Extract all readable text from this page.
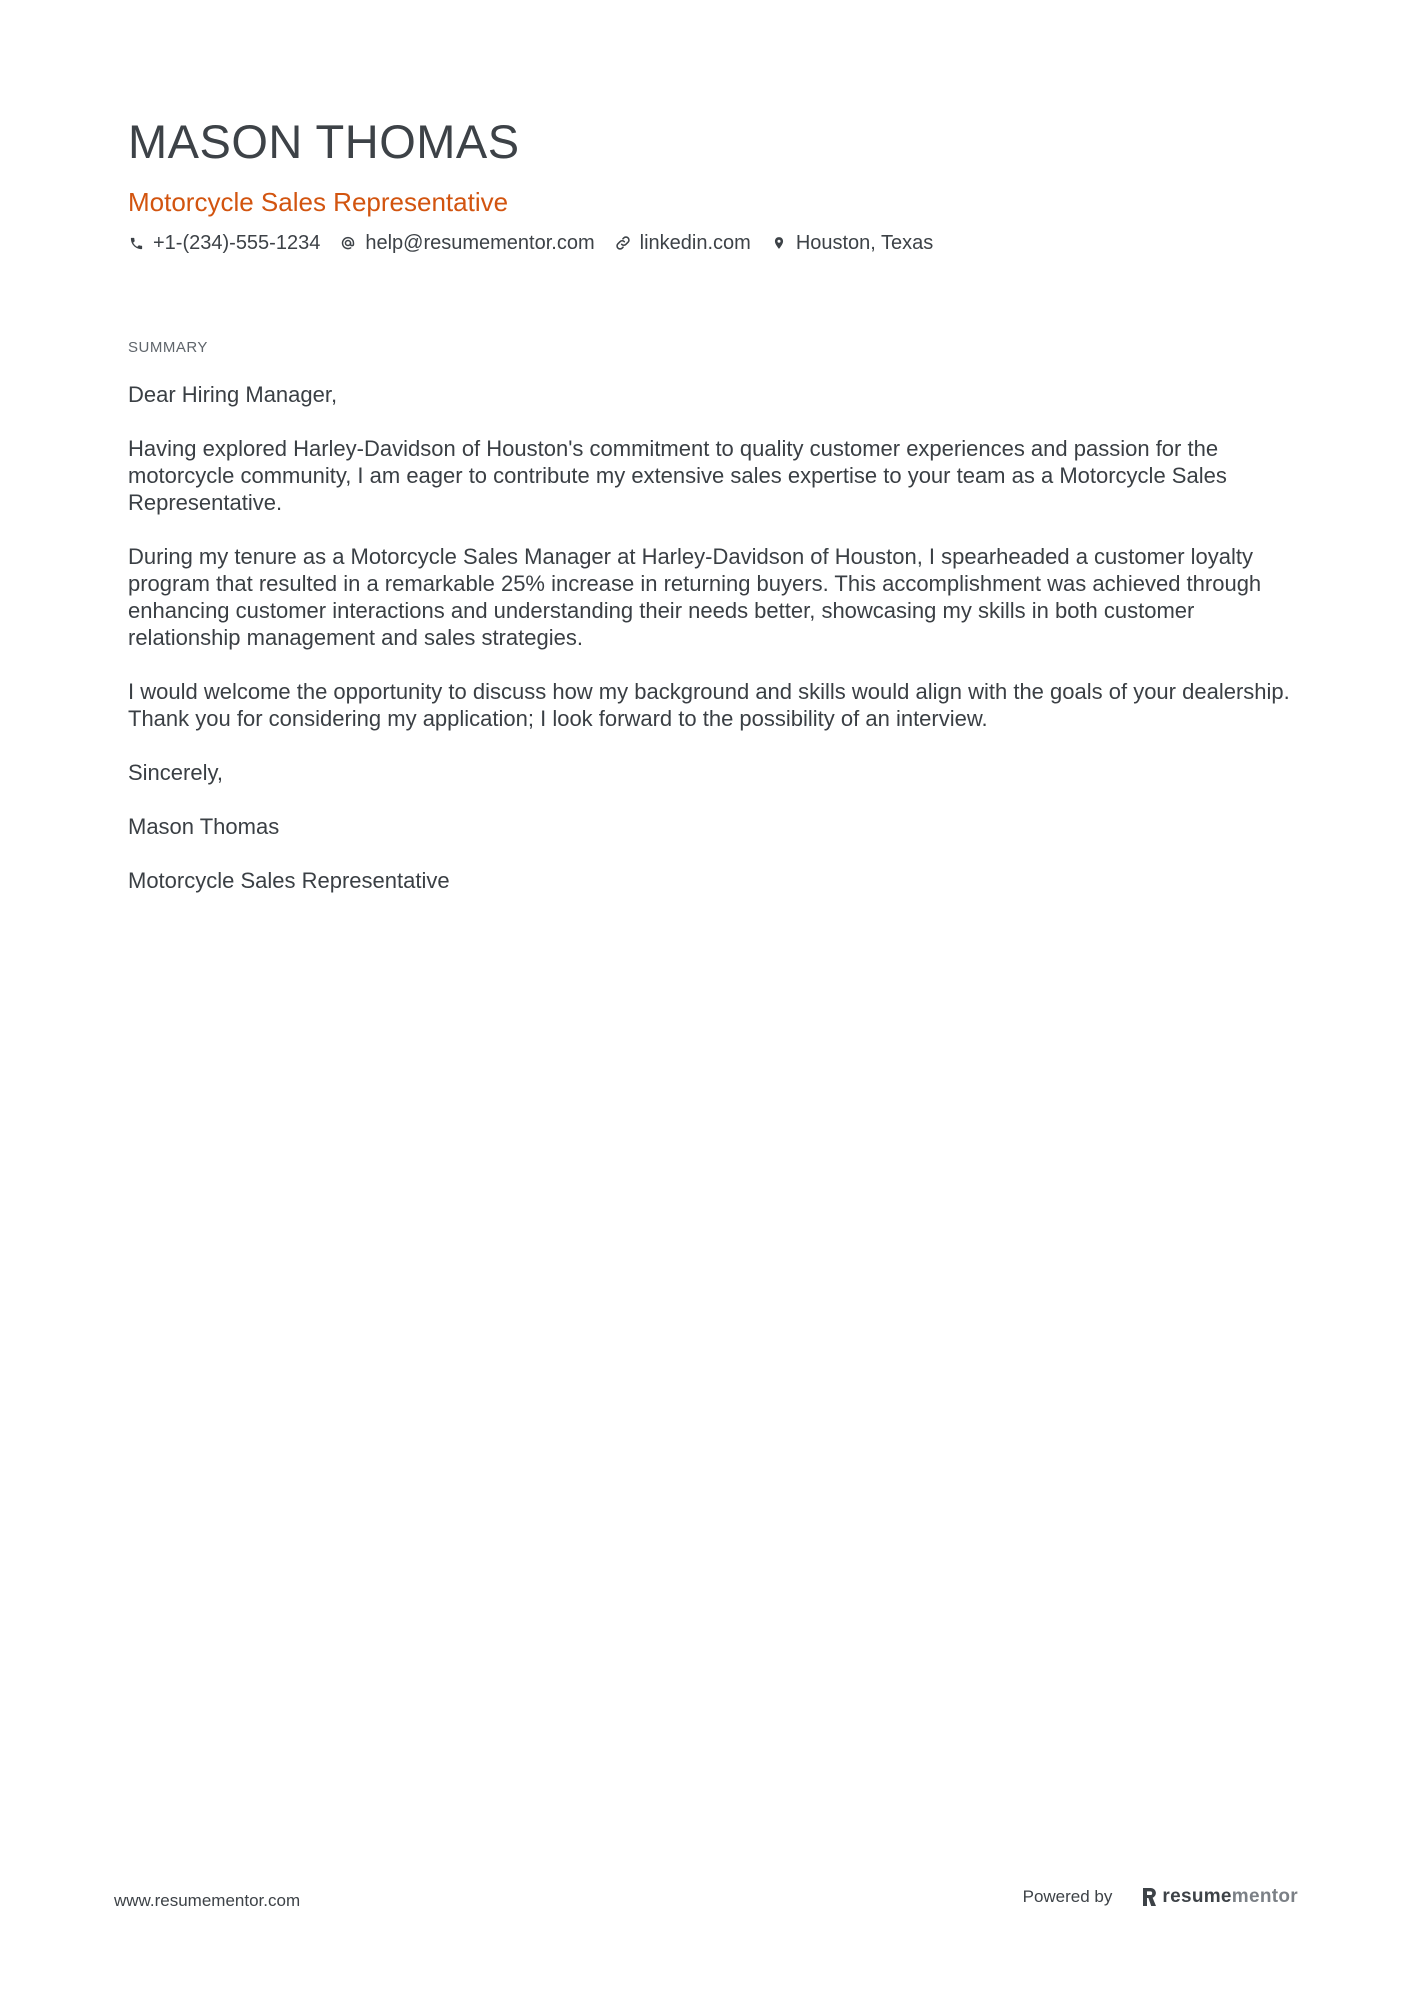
MASON THOMAS
Motorcycle Sales Representative
+1-(234)-555-1234 help@resumementor.com linkedin.com Houston, Texas
SUMMARY

Dear Hiring Manager,

Having explored Harley-Davidson of Houston's commitment to quality customer experiences and passion for the motorcycle community, I am eager to contribute my extensive sales expertise to your team as a Motorcycle Sales Representative.

During my tenure as a Motorcycle Sales Manager at Harley-Davidson of Houston, I spearheaded a customer loyalty program that resulted in a remarkable 25% increase in returning buyers. This accomplishment was achieved through enhancing customer interactions and understanding their needs better, showcasing my skills in both customer relationship management and sales strategies.

I would welcome the opportunity to discuss how my background and skills would align with the goals of your dealership. Thank you for considering my application; I look forward to the possibility of an interview.

Sincerely,

Mason Thomas

Motorcycle Sales Representative

www.resumementor.com	Powered by	resume mentor
